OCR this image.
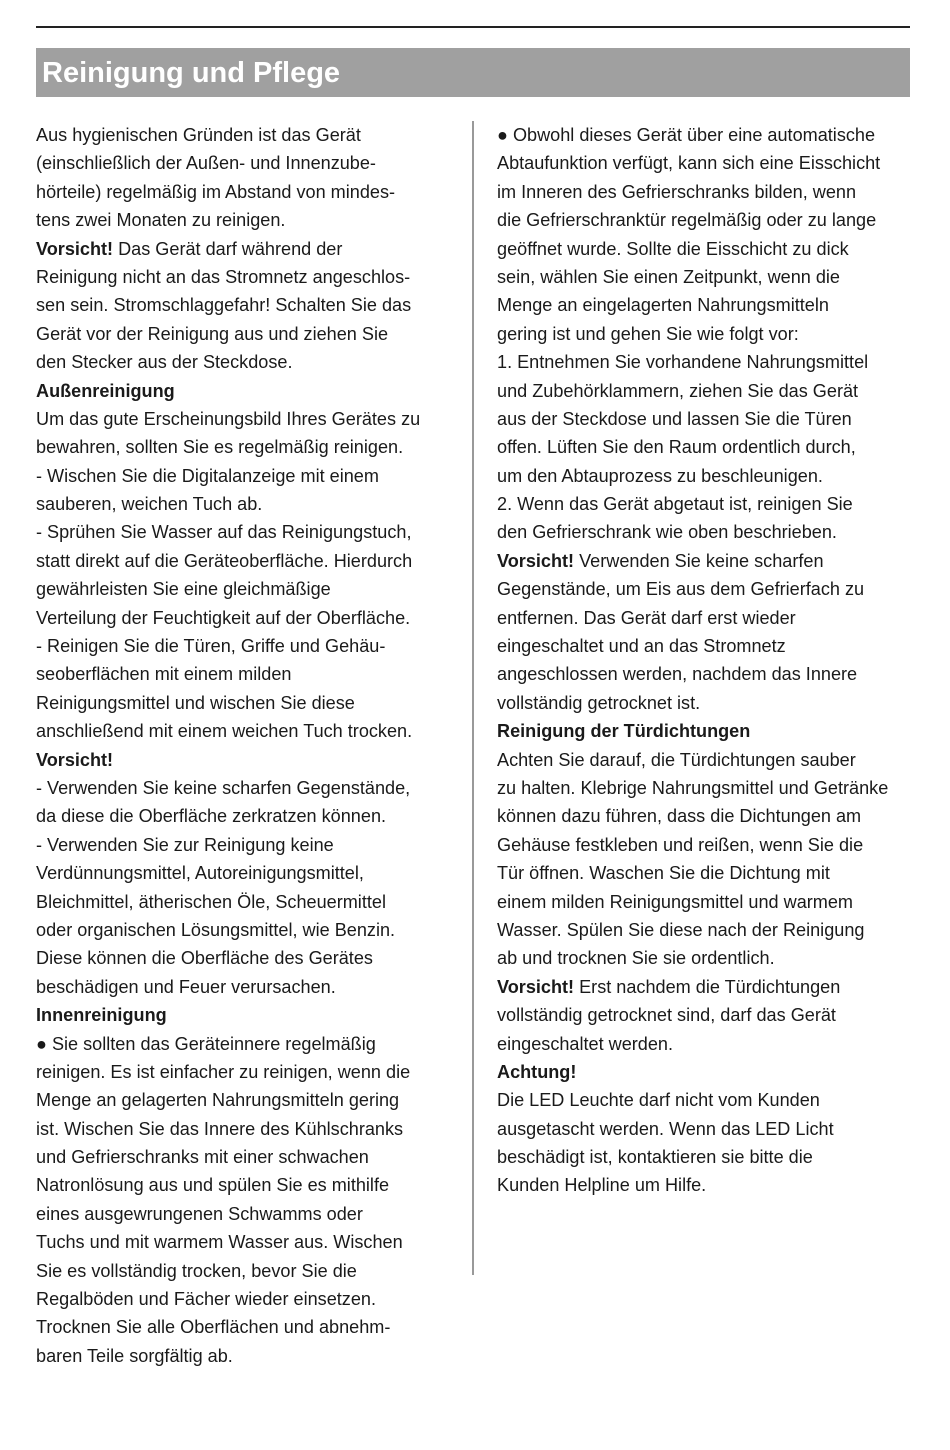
Reinigung und Pflege
Aus hygienischen Gründen ist das Gerät
(einschließlich der Außen- und Innenzube-
hörteile) regelmäßig im Abstand von mindes-
tens zwei Monaten zu reinigen.
Vorsicht! Das Gerät darf während der
Reinigung nicht an das Stromnetz angeschlos-
sen sein. Stromschlaggefahr! Schalten Sie das
Gerät vor der Reinigung aus und ziehen Sie
den Stecker aus der Steckdose.
Außenreinigung
Um das gute Erscheinungsbild Ihres Gerätes zu
bewahren, sollten Sie es regelmäßig reinigen.
- Wischen Sie die Digitalanzeige mit einem
sauberen, weichen Tuch ab.
- Sprühen Sie Wasser auf das Reinigungstuch,
statt direkt auf die Geräteoberfläche. Hierdurch
gewährleisten Sie eine gleichmäßige
Verteilung der Feuchtigkeit auf der Oberfläche.
- Reinigen Sie die Türen, Griffe und Gehäu-
seoberflächen mit einem milden
Reinigungsmittel und wischen Sie diese
anschließend mit einem weichen Tuch trocken.
Vorsicht!
- Verwenden Sie keine scharfen Gegenstände,
da diese die Oberfläche zerkratzen können.
- Verwenden Sie zur Reinigung keine
Verdünnungsmittel, Autoreinigungsmittel,
Bleichmittel, ätherischen Öle, Scheuermittel
oder organischen Lösungsmittel, wie Benzin.
Diese können die Oberfläche des Gerätes
beschädigen und Feuer verursachen.
Innenreinigung
● Sie sollten das Geräteinnere regelmäßig
reinigen. Es ist einfacher zu reinigen, wenn die
Menge an gelagerten Nahrungsmitteln gering
ist. Wischen Sie das Innere des Kühlschranks
und Gefrierschranks mit einer schwachen
Natronlösung aus und spülen Sie es mithilfe
eines ausgewrungenen Schwamms oder
Tuchs und mit warmem Wasser aus. Wischen
Sie es vollständig trocken, bevor Sie die
Regalböden und Fächer wieder einsetzen.
Trocknen Sie alle Oberflächen und abnehm-
baren Teile sorgfältig ab.
● Obwohl dieses Gerät über eine automatische
Abtaufunktion verfügt, kann sich eine Eisschicht
im Inneren des Gefrierschranks bilden, wenn
die Gefrierschranktür regelmäßig oder zu lange
geöffnet wurde. Sollte die Eisschicht zu dick
sein, wählen Sie einen Zeitpunkt, wenn die
Menge an eingelagerten Nahrungsmitteln
gering ist und gehen Sie wie folgt vor:
1. Entnehmen Sie vorhandene Nahrungsmittel
und Zubehörklammern, ziehen Sie das Gerät
aus der Steckdose und lassen Sie die Türen
offen. Lüften Sie den Raum ordentlich durch,
um den Abtauprozess zu beschleunigen.
2. Wenn das Gerät abgetaut ist, reinigen Sie
den Gefrierschrank wie oben beschrieben.
Vorsicht! Verwenden Sie keine scharfen
Gegenstände, um Eis aus dem Gefrierfach zu
entfernen. Das Gerät darf erst wieder
eingeschaltet und an das Stromnetz
angeschlossen werden, nachdem das Innere
vollständig getrocknet ist.
Reinigung der Türdichtungen
Achten Sie darauf, die Türdichtungen sauber
zu halten. Klebrige Nahrungsmittel und Getränke
können dazu führen, dass die Dichtungen am
Gehäuse festkleben und reißen, wenn Sie die
Tür öffnen. Waschen Sie die Dichtung mit
einem milden Reinigungsmittel und warmem
Wasser. Spülen Sie diese nach der Reinigung
ab und trocknen Sie sie ordentlich.
Vorsicht! Erst nachdem die Türdichtungen
vollständig getrocknet sind, darf das Gerät
eingeschaltet werden.
Achtung!
Die LED Leuchte darf nicht vom Kunden
ausgetascht werden. Wenn das LED Licht
beschädigt ist, kontaktieren sie bitte die
Kunden Helpline um Hilfe.
